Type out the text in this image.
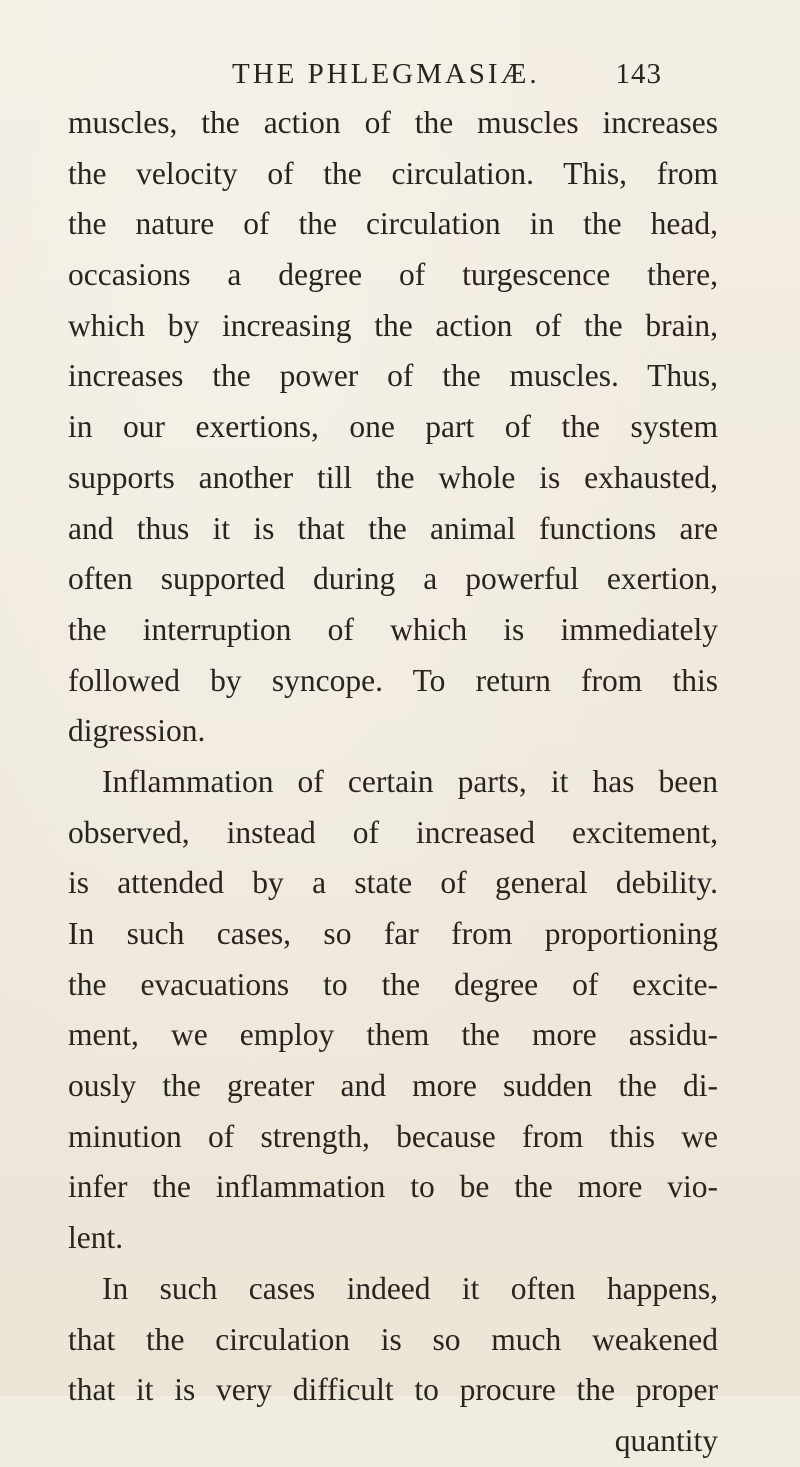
THE PHLEGMASIÆ.	143
muscles, the action of the muscles increases
the velocity of the circulation. This, from
the nature of the circulation in the head,
occasions a degree of turgescence there,
which by increasing the action of the brain,
increases the power of the muscles. Thus,
in our exertions, one part of the system
supports another till the whole is exhausted,
and thus it is that the animal functions are
often supported during a powerful exertion,
the interruption of which is immediately
followed by syncope. To return from this
digression.
Inflammation of certain parts, it has been
observed, instead of increased excitement,
is attended by a state of general debility.
In such cases, so far from proportioning
the evacuations to the degree of excite-
ment, we employ them the more assidu-
ously the greater and more sudden the di-
minution of strength, because from this we
infer the inflammation to be the more vio-
lent.
In such cases indeed it often happens,
that the circulation is so much weakened
that it is very difficult to procure the proper
quantity
